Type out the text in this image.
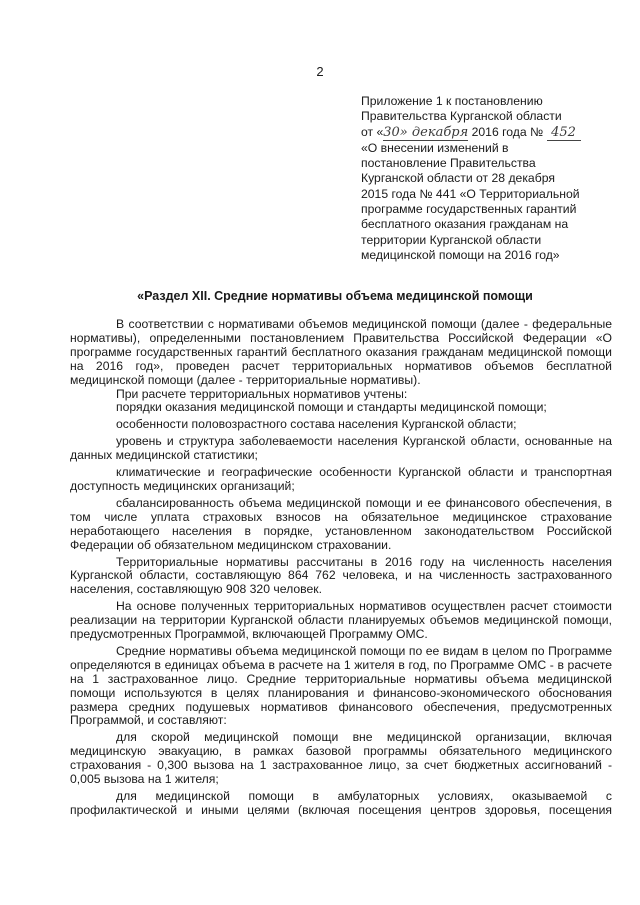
2
Приложение 1 к постановлению
Правительства Курганской области
от «30» декабря 2016 года № 452
«О внесении изменений в
постановление Правительства
Курганской области от 28 декабря
2015 года № 441 «О Территориальной
программе государственных гарантий
бесплатного оказания гражданам на
территории Курганской области
медицинской помощи на 2016 год»
«Раздел XII. Средние нормативы объема медицинской помощи

В соответствии с нормативами объемов медицинской помощи (далее - федеральные нормативы), определенными постановлением Правительства Российской Федерации «О программе государственных гарантий бесплатного оказания гражданам медицинской помощи на 2016 год», проведен расчет территориальных нормативов объемов бесплатной медицинской помощи (далее - территориальные нормативы).

При расчете территориальных нормативов учтены:

порядки оказания медицинской помощи и стандарты медицинской помощи;

особенности половозрастного состава населения Курганской области;

уровень и структура заболеваемости населения Курганской области, основанные на данных медицинской статистики;

климатические и географические особенности Курганской области и транспортная доступность медицинских организаций;

сбалансированность объема медицинской помощи и ее финансового обеспечения, в том числе уплата страховых взносов на обязательное медицинское страхование неработающего населения в порядке, установленном законодательством Российской Федерации об обязательном медицинском страховании.

Территориальные нормативы рассчитаны в 2016 году на численность населения Курганской области, составляющую 864 762 человека, и на численность застрахованного населения, составляющую 908 320 человек.

На основе полученных территориальных нормативов осуществлен расчет стоимости реализации на территории Курганской области планируемых объемов медицинской помощи, предусмотренных Программой, включающей Программу ОМС.

Средние нормативы объема медицинской помощи по ее видам в целом по Программе определяются в единицах объема в расчете на 1 жителя в год, по Программе ОМС - в расчете на 1 застрахованное лицо. Средние территориальные нормативы объема медицинской помощи используются в целях планирования и финансово-экономического обоснования размера средних подушевых нормативов финансового обеспечения, предусмотренных Программой, и составляют:

для скорой медицинской помощи вне медицинской организации, включая медицинскую эвакуацию, в рамках базовой программы обязательного медицинского страхования - 0,300 вызова на 1 застрахованное лицо, за счет бюджетных ассигнований - 0,005 вызова на 1 жителя;

для медицинской помощи в амбулаторных условиях, оказываемой с профилактической и иными целями (включая посещения центров здоровья, посещения
